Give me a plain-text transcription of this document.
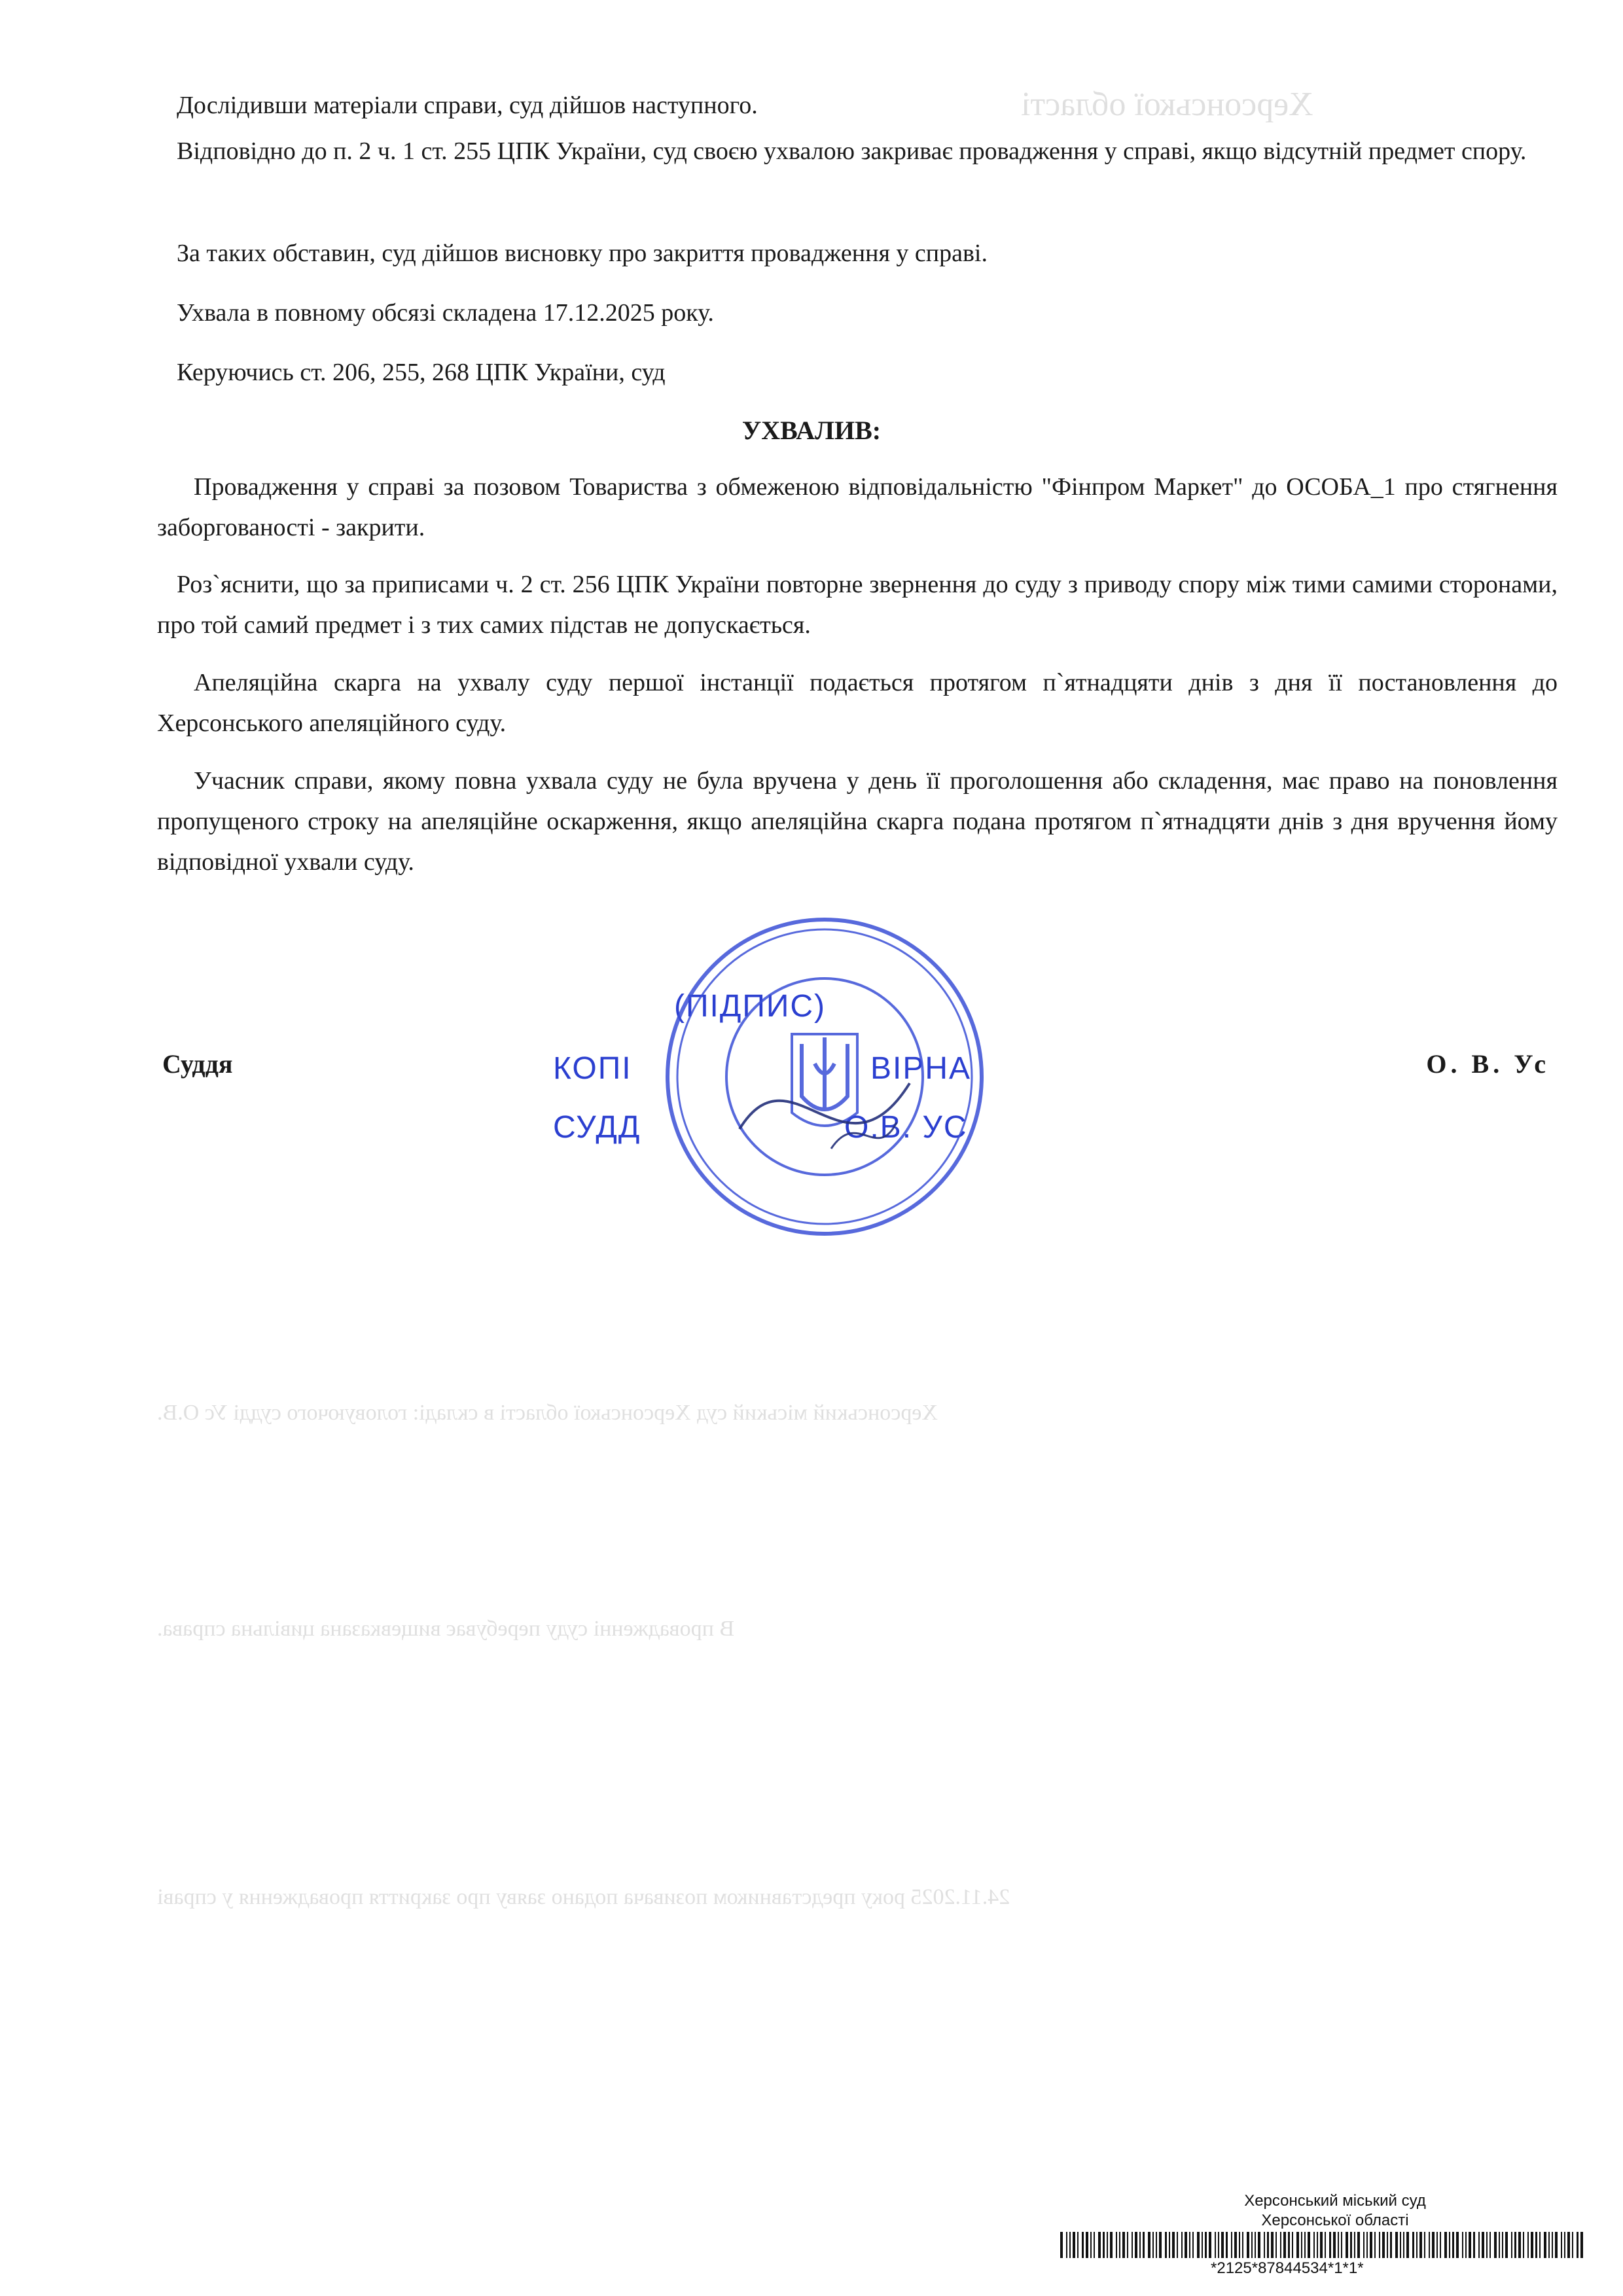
Херсонської області
Херсонський міський суд Херсонської області в складі: головуючого судді Ус О.В.
В провадженні суду перебуває вищевказана цивільна справа.
24.11.2025 року представником позивача подано заяву про закриття провадження у справі

Дослідивши матеріали справи, суд дійшов наступного.

Відповідно до п. 2 ч. 1 ст. 255 ЦПК України, суд своєю ухвалою закриває провадження у справі, якщо відсутній предмет спору.

За таких обставин, суд дійшов висновку про закриття провадження у справі.

Ухвала в повному обсязі складена 17.12.2025 року.

Керуючись ст. 206, 255, 268 ЦПК України, суд

УХВАЛИВ:

Провадження у справі за позовом Товариства з обмеженою відповідальністю "Фінпром Маркет" до ОСОБА_1 про стягнення заборгованості - закрити.

Роз`яснити, що за приписами ч. 2 ст. 256 ЦПК України повторне звернення до суду з приводу спору між тими самими сторонами, про той самий предмет і з тих самих підстав не допускається.

Апеляційна скарга на ухвалу суду першої інстанції подається протягом п`ятнадцяти днів з дня її постановлення до Херсонського апеляційного суду.

Учасник справи, якому повна ухвала суду не була вручена у день її проголошення або складення, має право на поновлення пропущеного строку на апеляційне оскарження, якщо апеляційна скарга подана протягом п`ятнадцяти днів з дня вручення йому відповідної ухвали суду.

Суддя	О. В. Ус
(ПІДПИС)
КОПІ	ВІРНА
СУДД	О.В. УС
Херсонський міський суд
Херсонської області
*2125*87844534*1*1*
